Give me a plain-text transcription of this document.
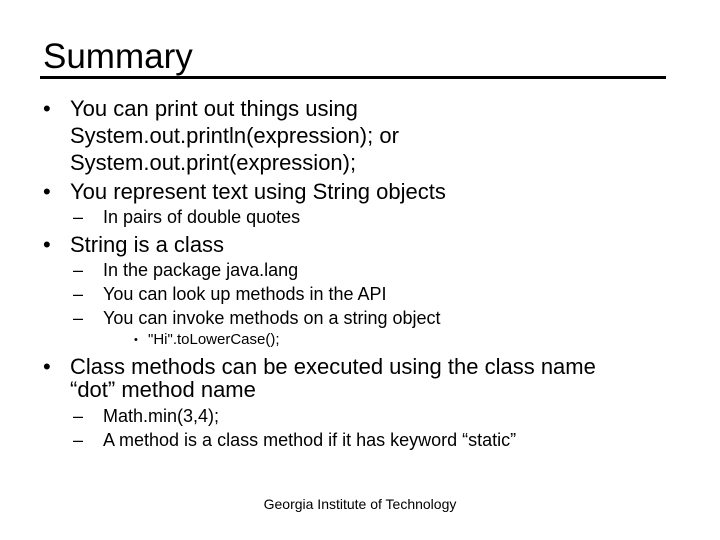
Summary
• You can print out things using
System.out.println(expression); or
System.out.print(expression);
• You represent text using String objects
– In pairs of double quotes
• String is a class
– In the package java.lang
– You can look up methods in the API
– You can invoke methods on a string object
• "Hi".toLowerCase();
• Class methods can be executed using the class name
“dot” method name
– Math.min(3,4);
– A method is a class method if it has keyword “static”
Georgia Institute of Technology
